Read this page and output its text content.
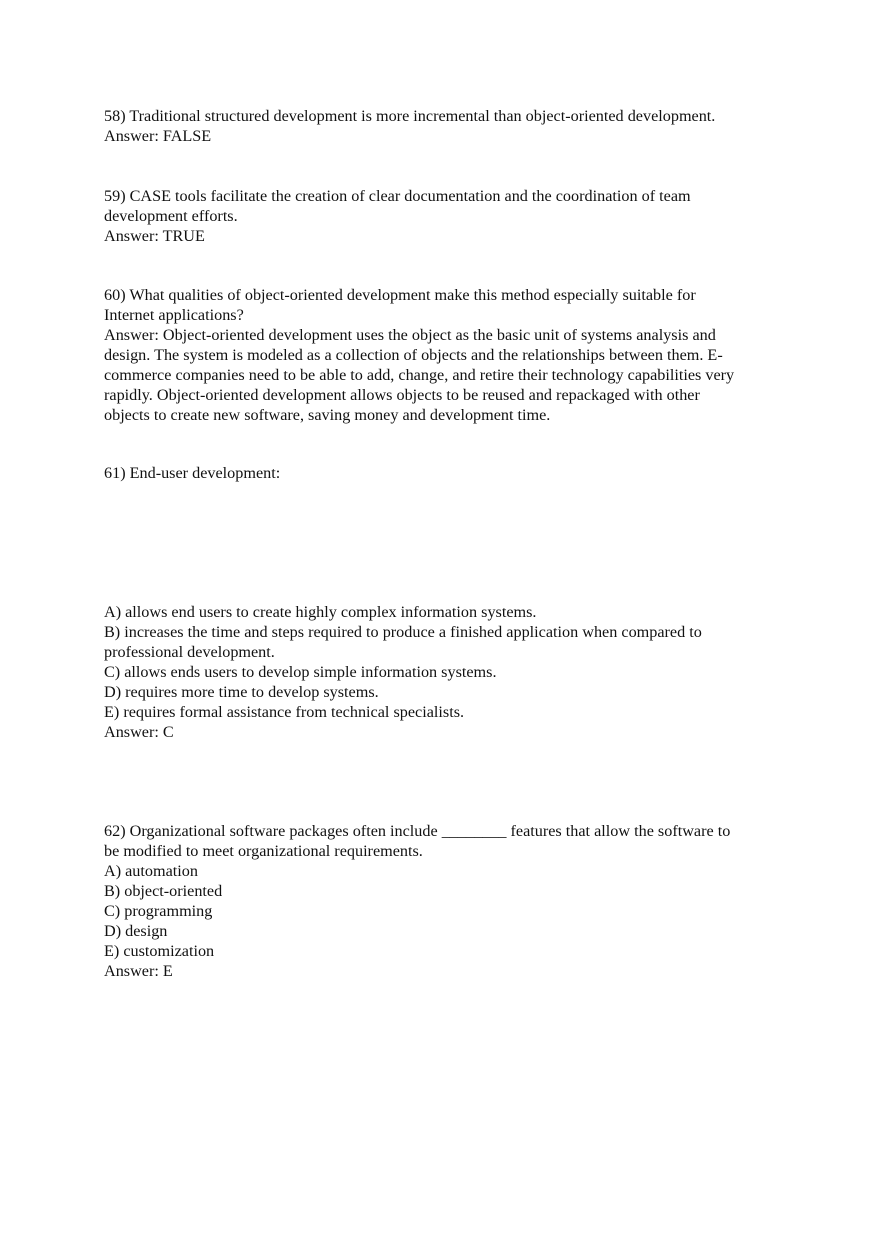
58) Traditional structured development is more incremental than object-oriented development.
Answer: FALSE
59) CASE tools facilitate the creation of clear documentation and the coordination of team
development efforts.
Answer: TRUE
60) What qualities of object-oriented development make this method especially suitable for
Internet applications?
Answer: Object-oriented development uses the object as the basic unit of systems analysis and
design. The system is modeled as a collection of objects and the relationships between them. E-
commerce companies need to be able to add, change, and retire their technology capabilities very
rapidly. Object-oriented development allows objects to be reused and repackaged with other
objects to create new software, saving money and development time.
61) End-user development:
A) allows end users to create highly complex information systems.
B) increases the time and steps required to produce a finished application when compared to
professional development.
C) allows ends users to develop simple information systems.
D) requires more time to develop systems.
E) requires formal assistance from technical specialists.
Answer: C
62) Organizational software packages often include ________ features that allow the software to
be modified to meet organizational requirements.
A) automation
B) object-oriented
C) programming
D) design
E) customization
Answer: E
